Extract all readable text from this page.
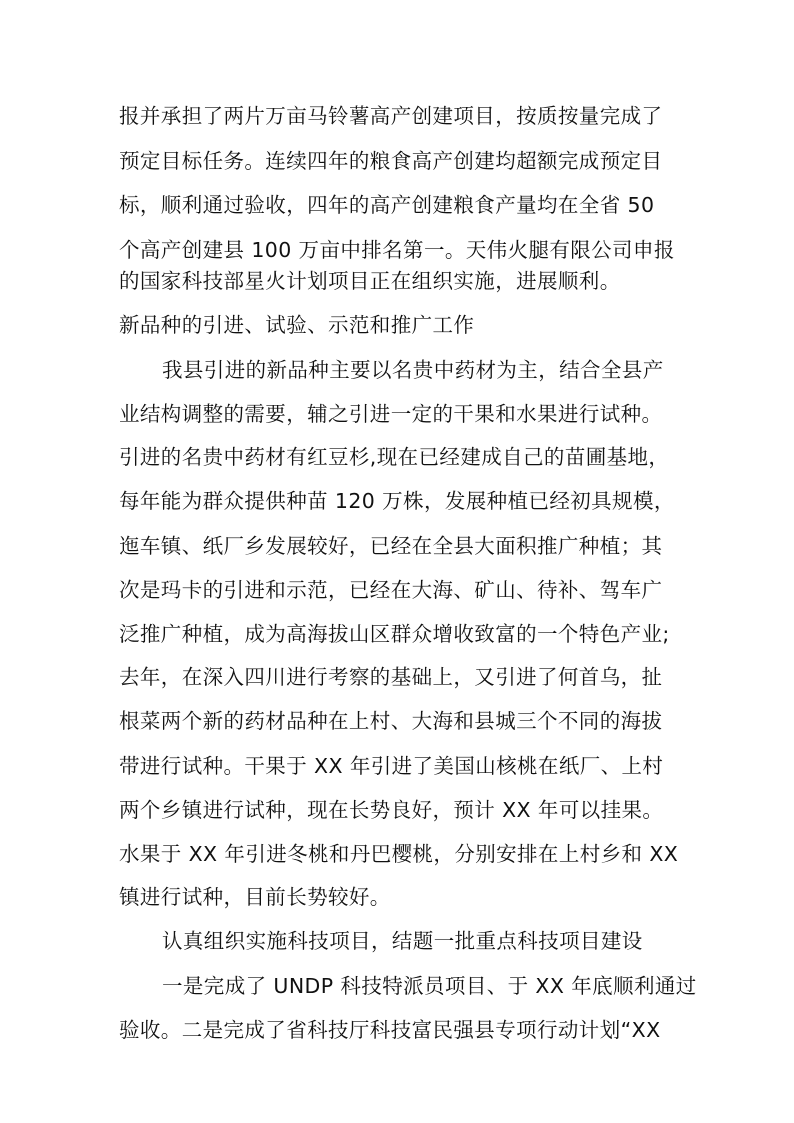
报并承担了两片万亩马铃薯高产创建项目，按质按量完成了
预定目标任务。连续四年的粮食高产创建均超额完成预定目
标，顺利通过验收，四年的高产创建粮食产量均在全省 50
个高产创建县 100 万亩中排名第一。天伟火腿有限公司申报
的国家科技部星火计划项目正在组织实施，进展顺利。
新品种的引进、试验、示范和推广工作
我县引进的新品种主要以名贵中药材为主，结合全县产
业结构调整的需要，辅之引进一定的干果和水果进行试种。
引进的名贵中药材有红豆杉,现在已经建成自己的苗圃基地，
每年能为群众提供种苗 120 万株，发展种植已经初具规模，
迤车镇、纸厂乡发展较好，已经在全县大面积推广种植；其
次是玛卡的引进和示范，已经在大海、矿山、待补、驾车广
泛推广种植，成为高海拔山区群众增收致富的一个特色产业;
去年，在深入四川进行考察的基础上，又引进了何首乌，扯
根菜两个新的药材品种在上村、大海和县城三个不同的海拔
带进行试种。干果于 XX 年引进了美国山核桃在纸厂、上村
两个乡镇进行试种，现在长势良好，预计 XX 年可以挂果。
水果于 XX 年引进冬桃和丹巴樱桃，分别安排在上村乡和 XX
镇进行试种，目前长势较好。
认真组织实施科技项目，结题一批重点科技项目建设
一是完成了 UNDP 科技特派员项目、于 XX 年底顺利通过
验收。二是完成了省科技厅科技富民强县专项行动计划“XX
